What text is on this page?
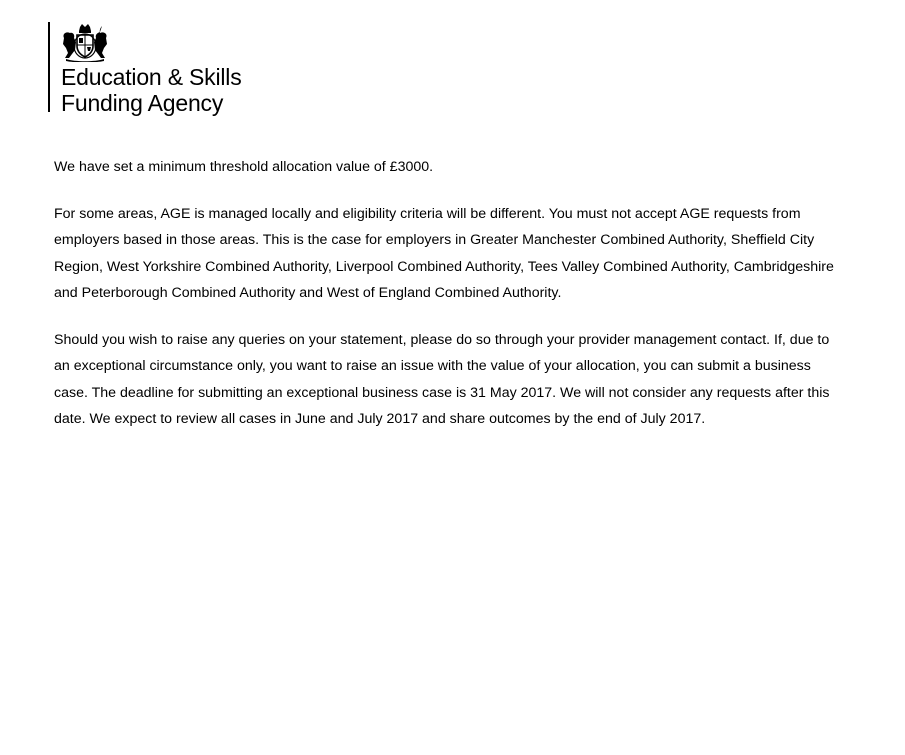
Education & Skills
Funding Agency

We have set a minimum threshold allocation value of £3000.

For some areas, AGE is managed locally and eligibility criteria will be different. You must not accept AGE requests from employers based in those areas. This is the case for employers in Greater Manchester Combined Authority, Sheffield City Region, West Yorkshire Combined Authority, Liverpool Combined Authority, Tees Valley Combined Authority, Cambridgeshire and Peterborough Combined Authority and West of England Combined Authority.

Should you wish to raise any queries on your statement, please do so through your provider management contact. If, due to an exceptional circumstance only, you want to raise an issue with the value of your allocation, you can submit a business case. The deadline for submitting an exceptional business case is 31 May 2017. We will not consider any requests after this date. We expect to review all cases in June and July 2017 and share outcomes by the end of July 2017.
